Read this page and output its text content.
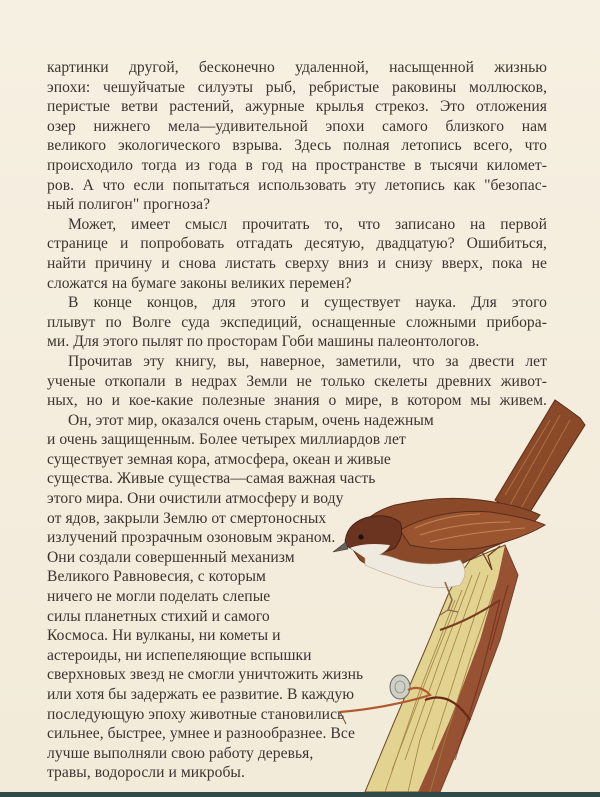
картинки другой, бесконечно удаленной, насыщенной жизнью
эпохи: чешуйчатые силуэты рыб, ребристые раковины моллюсков,
перистые ветви растений, ажурные крылья стрекоз. Это отложения
озер нижнего мела—удивительной эпохи самого близкого нам
великого экологического взрыва. Здесь полная летопись всего, что
происходило тогда из года в год на пространстве в тысячи километ-
ров. А что если попытаться использовать эту летопись как "безопас-
ный полигон" прогноза?
Может, имеет смысл прочитать то, что записано на первой
странице и попробовать отгадать десятую, двадцатую? Ошибиться,
найти причину и снова листать сверху вниз и снизу вверх, пока не
сложатся на бумаге законы великих перемен?
В конце концов, для этого и существует наука. Для этого
плывут по Волге суда экспедиций, оснащенные сложными прибора-
ми. Для этого пылят по просторам Гоби машины палеонтологов.
Прочитав эту книгу, вы, наверное, заметили, что за двести лет
ученые откопали в недрах Земли не только скелеты древних живот-
ных, но и кое-какие полезные знания о мире, в котором мы живем.
Он, этот мир, оказался очень старым, очень надежным
и очень защищенным. Более четырех миллиардов лет
существует земная кора, атмосфера, океан и живые
существа. Живые существа—самая важная часть
этого мира. Они очистили атмосферу и воду
от ядов, закрыли Землю от смертоносных
излучений прозрачным озоновым экраном.
Они создали совершенный механизм
Великого Равновесия, с которым
ничего не могли поделать слепые
силы планетных стихий и самого
Космоса. Ни вулканы, ни кометы и
астероиды, ни испепеляющие вспышки
сверхновых звезд не смогли уничтожить жизнь
или хотя бы задержать ее развитие. В каждую
последующую эпоху животные становились
сильнее, быстрее, умнее и разнообразнее. Все
лучше выполняли свою работу деревья,
травы, водоросли и микробы.
